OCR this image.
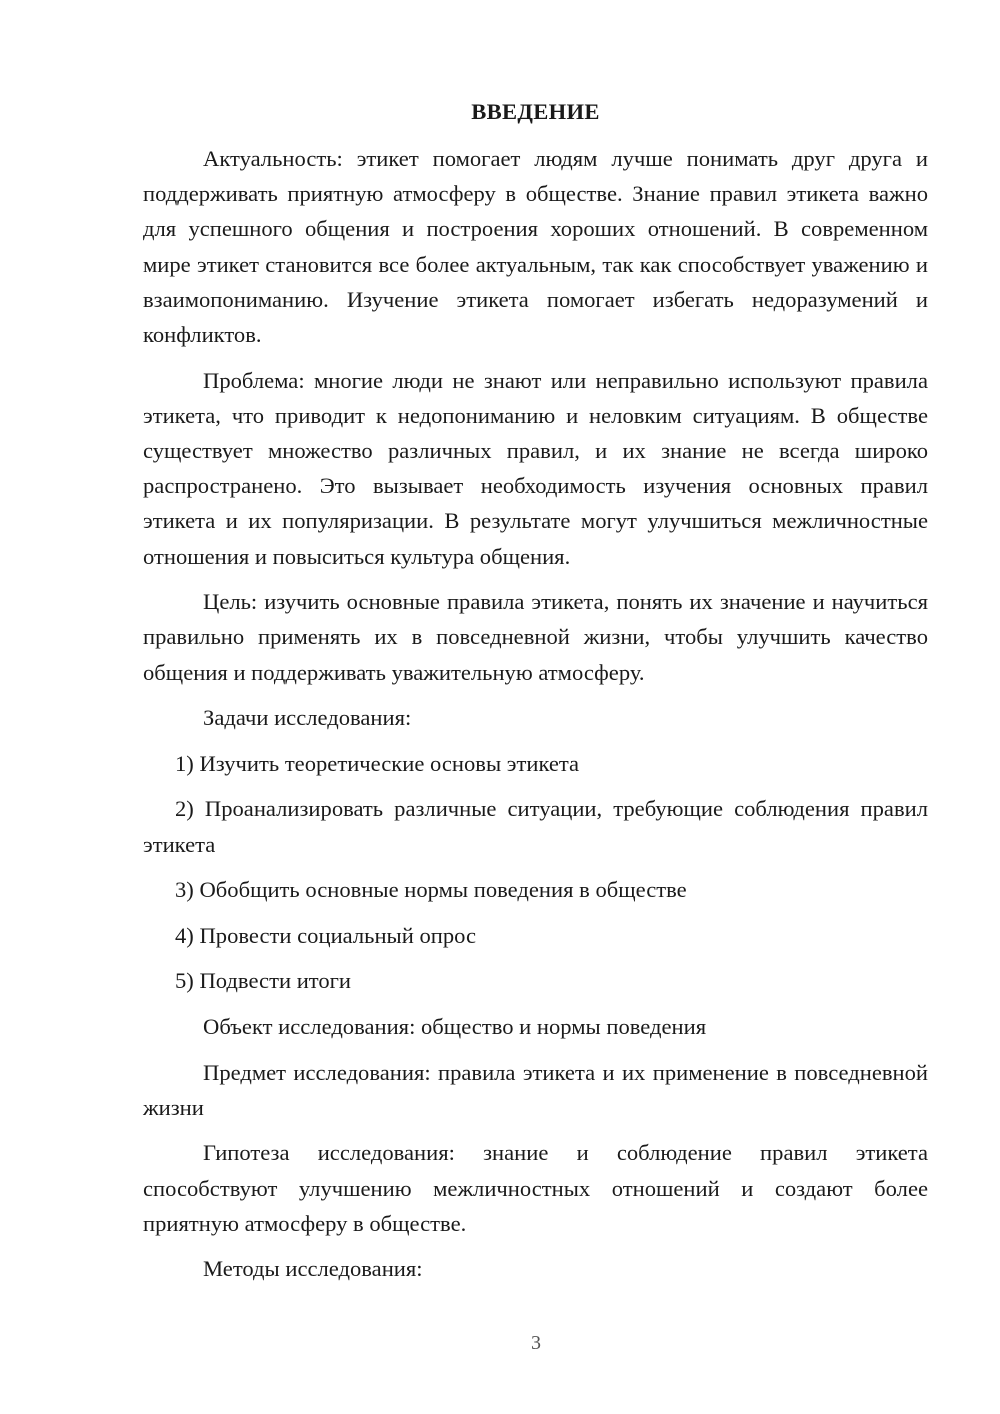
ВВЕДЕНИЕ

Актуальность: этикет помогает людям лучше понимать друг друга и поддерживать приятную атмосферу в обществе. Знание правил этикета важно для успешного общения и построения хороших отношений. В современном мире этикет становится все более актуальным, так как способствует уважению и взаимопониманию. Изучение этикета помогает избегать недоразумений и конфликтов.

Проблема: многие люди не знают или неправильно используют правила этикета, что приводит к недопониманию и неловким ситуациям. В обществе существует множество различных правил, и их знание не всегда широко распространено. Это вызывает необходимость изучения основных правил этикета и их популяризации. В результате могут улучшиться межличностные отношения и повыситься культура общения.

Цель: изучить основные правила этикета, понять их значение и научиться правильно применять их в повседневной жизни, чтобы улучшить качество общения и поддерживать уважительную атмосферу.

Задачи исследования:

1) Изучить теоретические основы этикета

2) Проанализировать различные ситуации, требующие соблюдения правил этикета

3) Обобщить основные нормы поведения в обществе

4) Провести социальный опрос

5) Подвести итоги

Объект исследования: общество и нормы поведения

Предмет исследования: правила этикета и их применение в повседневной жизни

Гипотеза исследования: знание и соблюдение правил этикета способствуют улучшению межличностных отношений и создают более приятную атмосферу в обществе.

Методы исследования:

3
